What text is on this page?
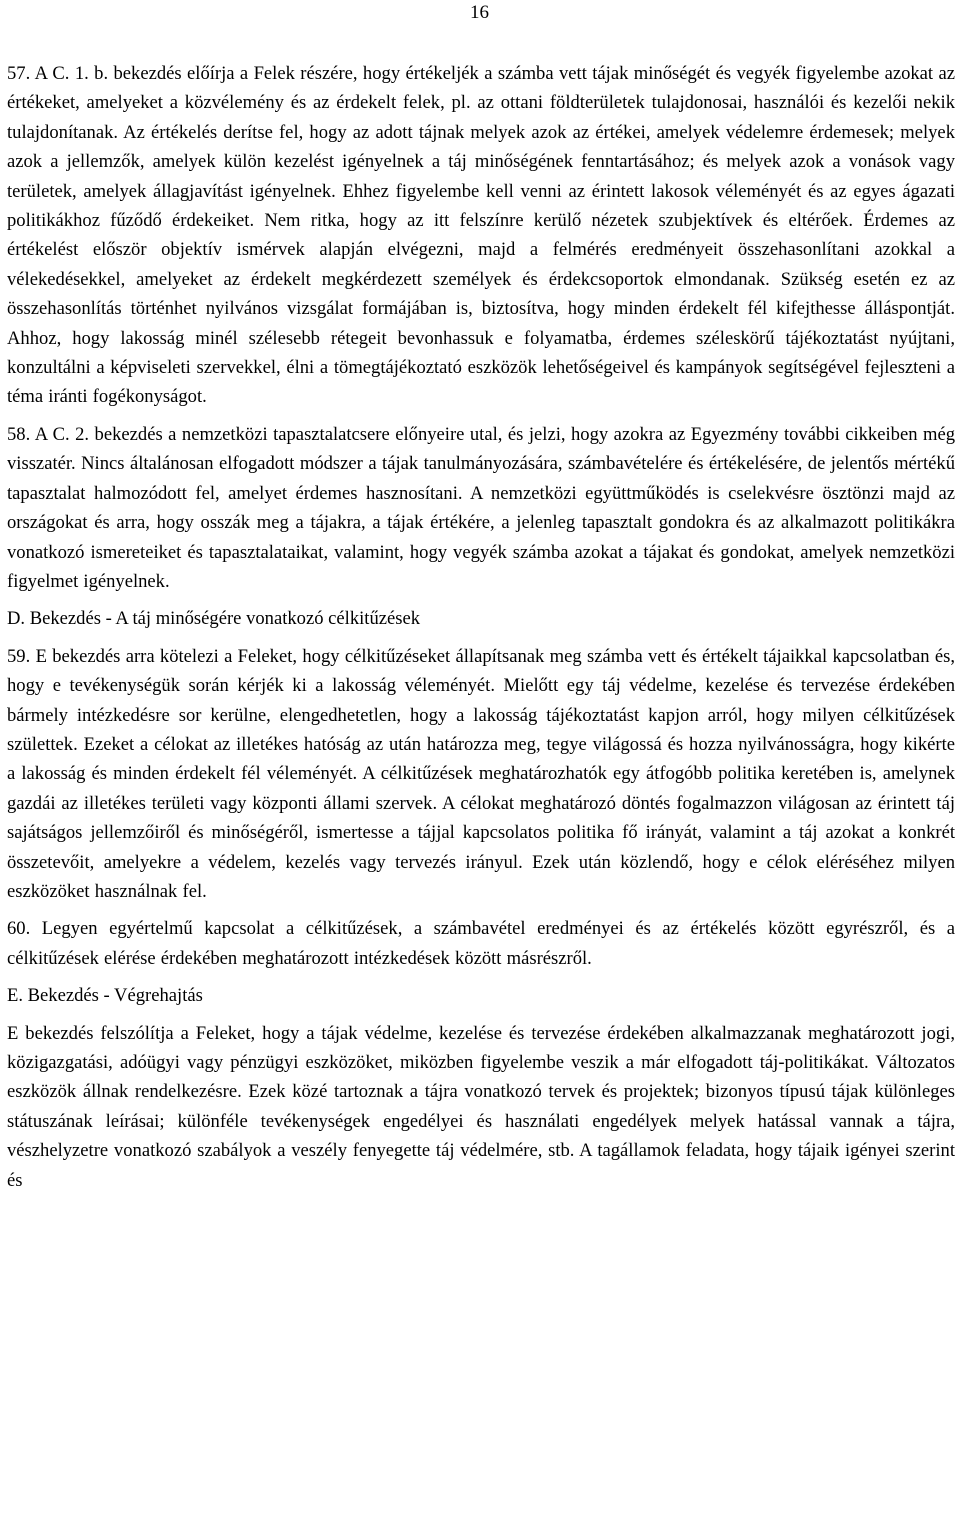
16

57. A C. 1. b. bekezdés előírja a Felek részére, hogy értékeljék a számba vett tájak minőségét és vegyék figyelembe azokat az értékeket, amelyeket a közvélemény és az érdekelt felek, pl. az ottani földterületek tulajdonosai, használói és kezelői nekik tulajdonítanak. Az értékelés derítse fel, hogy az adott tájnak melyek azok az értékei, amelyek védelemre érdemesek; melyek azok a jellemzők, amelyek külön kezelést igényelnek a táj minőségének fenntartásához; és melyek azok a vonások vagy területek, amelyek állagjavítást igényelnek. Ehhez figyelembe kell venni az érintett lakosok véleményét és az egyes ágazati politikákhoz fűződő érdekeiket. Nem ritka, hogy az itt felszínre kerülő nézetek szubjektívek és eltérőek. Érdemes az értékelést először objektív ismérvek alapján elvégezni, majd a felmérés eredményeit összehasonlítani azokkal a vélekedésekkel, amelyeket az érdekelt megkérdezett személyek és érdekcsoportok elmondanak. Szükség esetén ez az összehasonlítás történhet nyilvános vizsgálat formájában is, biztosítva, hogy minden érdekelt fél kifejthesse álláspontját. Ahhoz, hogy lakosság minél szélesebb rétegeit bevonhassuk e folyamatba, érdemes széleskörű tájékoztatást nyújtani, konzultálni a képviseleti szervekkel, élni a tömegtájékoztató eszközök lehetőségeivel és kampányok segítségével fejleszteni a téma iránti fogékonyságot.

58. A C. 2. bekezdés a nemzetközi tapasztalatcsere előnyeire utal, és jelzi, hogy azokra az Egyezmény további cikkeiben még visszatér. Nincs általánosan elfogadott módszer a tájak tanulmányozására, számbavételére és értékelésére, de jelentős mértékű tapasztalat halmozódott fel, amelyet érdemes hasznosítani. A nemzetközi együttműködés is cselekvésre ösztönzi majd az országokat és arra, hogy osszák meg a tájakra, a tájak értékére, a jelenleg tapasztalt gondokra és az alkalmazott politikákra vonatkozó ismereteiket és tapasztalataikat, valamint, hogy vegyék számba azokat a tájakat és gondokat, amelyek nemzetközi figyelmet igényelnek.

D. Bekezdés - A táj minőségére vonatkozó célkitűzések

59. E bekezdés arra kötelezi a Feleket, hogy célkitűzéseket állapítsanak meg számba vett és értékelt tájaikkal kapcsolatban és, hogy e tevékenységük során kérjék ki a lakosság véleményét. Mielőtt egy táj védelme, kezelése és tervezése érdekében bármely intézkedésre sor kerülne, elengedhetetlen, hogy a lakosság tájékoztatást kapjon arról, hogy milyen célkitűzések születtek. Ezeket a célokat az illetékes hatóság az után határozza meg, tegye világossá és hozza nyilvánosságra, hogy kikérte a lakosság és minden érdekelt fél véleményét. A célkitűzések meghatározhatók egy átfogóbb politika keretében is, amelynek gazdái az illetékes területi vagy központi állami szervek. A célokat meghatározó döntés fogalmazzon világosan az érintett táj sajátságos jellemzőiről és minőségéről, ismertesse a tájjal kapcsolatos politika fő irányát, valamint a táj azokat a konkrét összetevőit, amelyekre a védelem, kezelés vagy tervezés irányul. Ezek után közlendő, hogy e célok eléréséhez milyen eszközöket használnak fel.

60. Legyen egyértelmű kapcsolat a célkitűzések, a számbavétel eredményei és az értékelés között egyrészről, és a célkitűzések elérése érdekében meghatározott intézkedések között másrészről.

E. Bekezdés - Végrehajtás

E bekezdés felszólítja a Feleket, hogy a tájak védelme, kezelése és tervezése érdekében alkalmazzanak meghatározott jogi, közigazgatási, adóügyi vagy pénzügyi eszközöket, miközben figyelembe veszik a már elfogadott táj-politikákat. Változatos eszközök állnak rendelkezésre. Ezek közé tartoznak a tájra vonatkozó tervek és projektek; bizonyos típusú tájak különleges státuszának leírásai; különféle tevékenységek engedélyei és használati engedélyek melyek hatással vannak a tájra, vészhelyzetre vonatkozó szabályok a veszély fenyegette táj védelmére, stb. A tagállamok feladata, hogy tájaik igényei szerint és
